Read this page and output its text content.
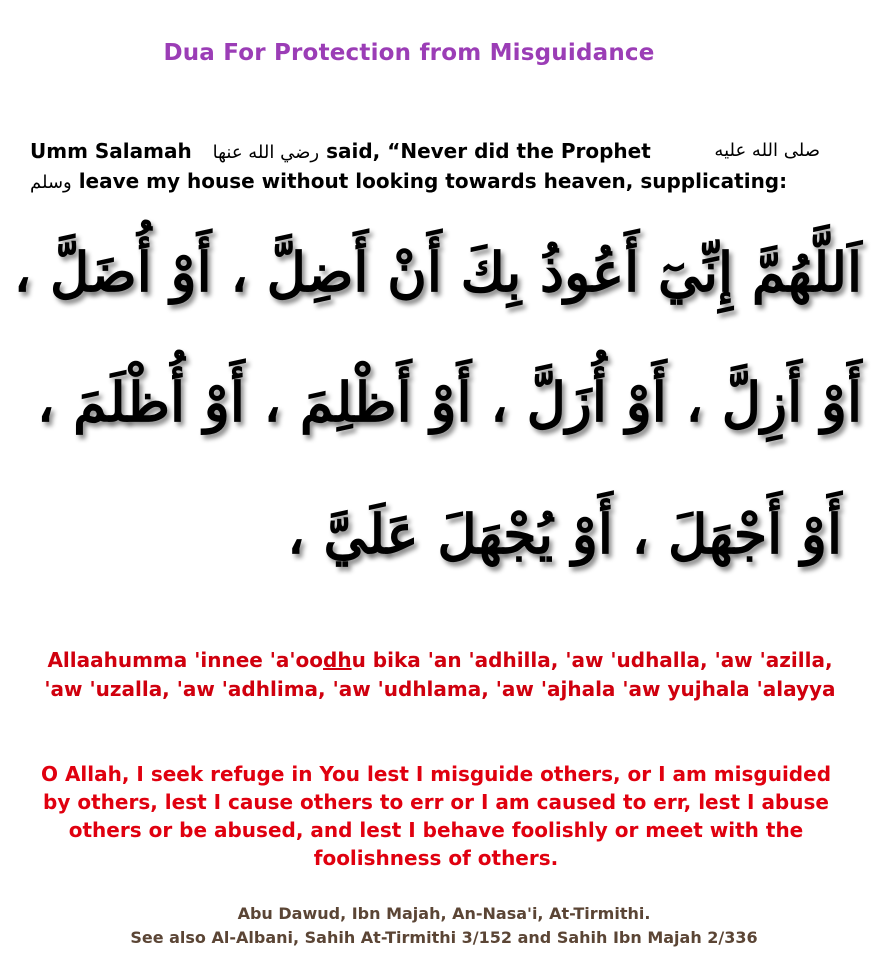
Dua For Protection from Misguidance
Umm Salamah رضي الله عنها said, “Never did the Prophet	صلى الله عليه
وسلم leave my house without looking towards heaven, supplicating:
اَللَّهُمَّ إِنِّيٓ أَعُوذُ بِكَ أَنْ أَضِلَّ ، أَوْ أُضَلَّ ،
أَوْ أَزِلَّ ، أَوْ أُزَلَّ ، أَوْ أَظْلِمَ ، أَوْ أُظْلَمَ ،
أَوْ أَجْهَلَ ، أَوْ يُجْهَلَ عَلَيَّ ،
Allaahumma 'innee 'a'oodhu bika 'an 'adhilla, 'aw 'udhalla, 'aw 'azilla, 'aw 'uzalla, 'aw 'adhlima, 'aw 'udhlama, 'aw 'ajhala 'aw yujhala 'alayya
O Allah, I seek refuge in You lest I misguide others, or I am misguided by others, lest I cause others to err or I am caused to err, lest I abuse others or be abused, and lest I behave foolishly or meet with the foolishness of others.
Abu Dawud, Ibn Majah, An-Nasa'i, At-Tirmithi.
See also Al-Albani, Sahih At-Tirmithi 3/152 and Sahih Ibn Majah 2/336
